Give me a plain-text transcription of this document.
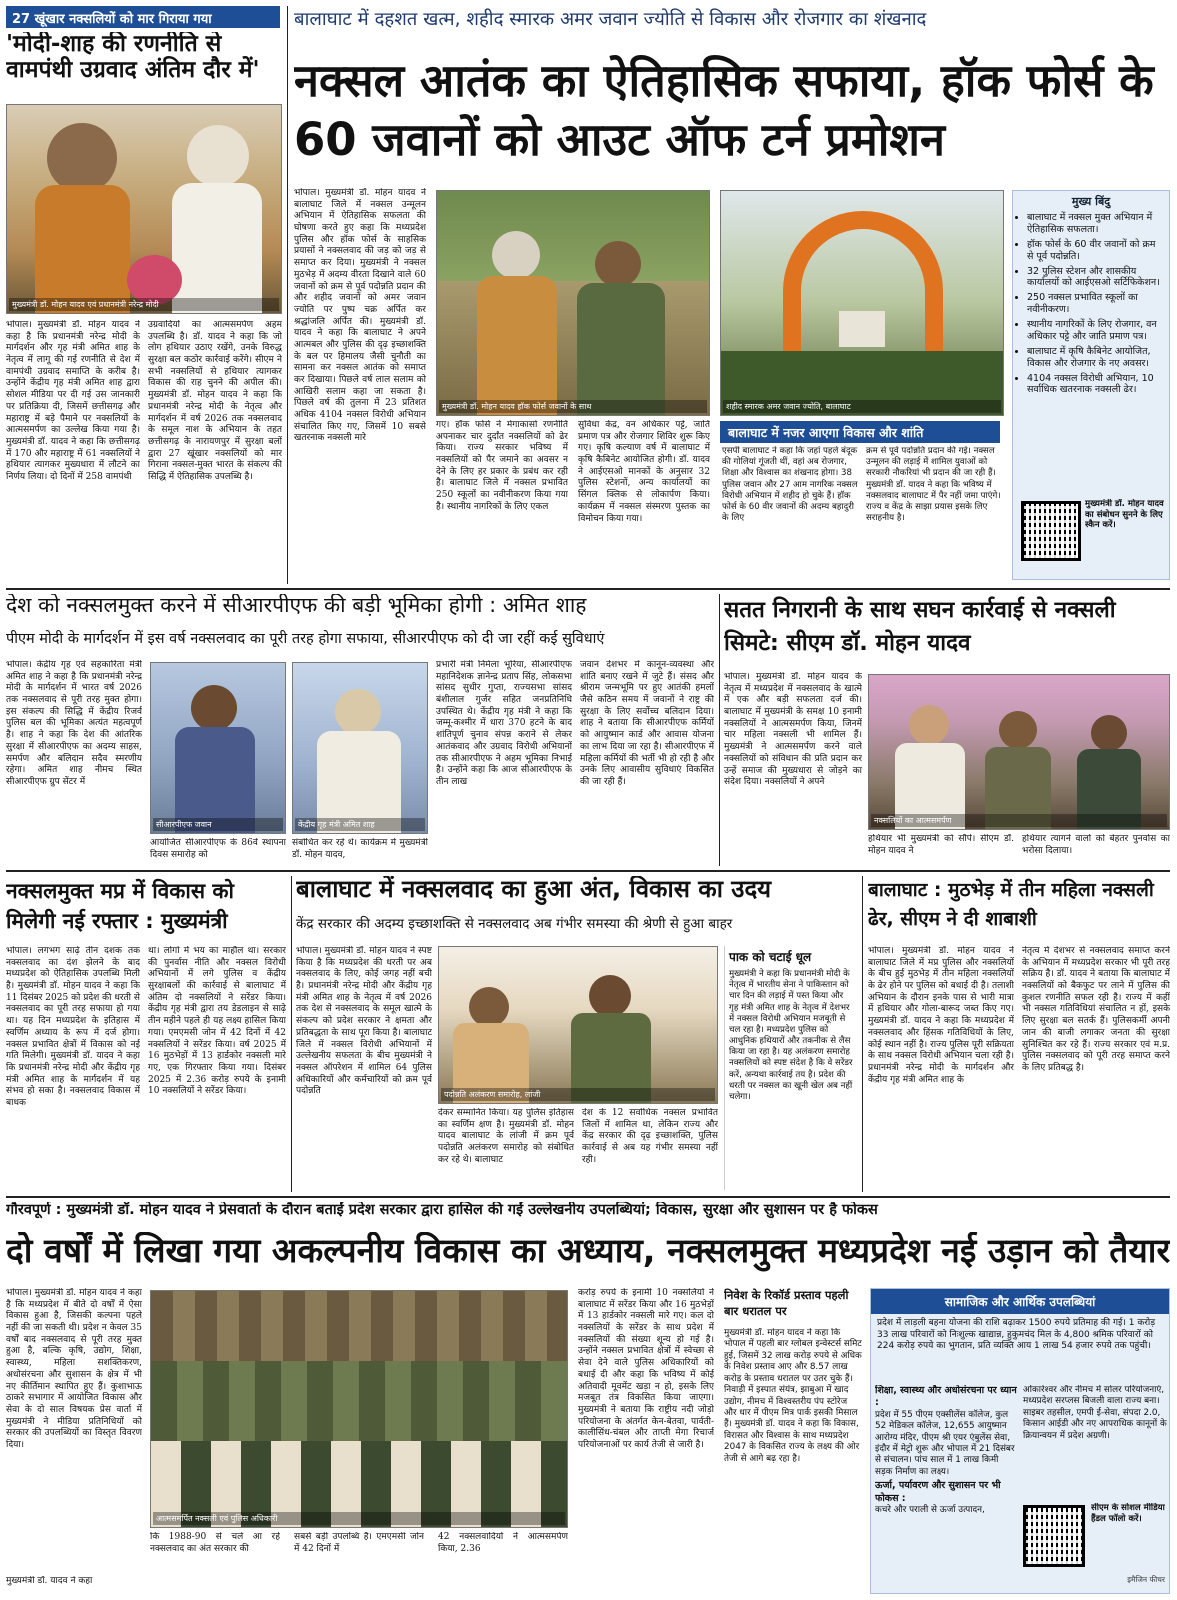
27 खूंखार नक्सलियों को मार गिराया गया
'मोदी-शाह की रणनीति से वामपंथी उग्रवाद अंतिम दौर में'
मुख्यमंत्री डॉ. मोहन यादव एवं प्रधानमंत्री नरेन्द्र मोदी
भोपाल। मुख्यमंत्री डॉ. मोहन यादव ने कहा है कि प्रधानमंत्री नरेन्द्र मोदी के मार्गदर्शन और गृह मंत्री अमित शाह के नेतृत्व में लागू की गई रणनीति से देश में वामपंथी उग्रवाद समाप्ति के करीब है। उन्होंने केंद्रीय गृह मंत्री अमित शाह द्वारा सोशल मीडिया पर दी गई उस जानकारी पर प्रतिक्रिया दी, जिसमें छत्तीसगढ़ और महाराष्ट्र में बड़े पैमाने पर नक्सलियों के आत्मसमर्पण का उल्लेख किया गया है। मुख्यमंत्री डॉ. यादव ने कहा कि छत्तीसगढ़ में 170 और महाराष्ट्र में 61 नक्सलियों ने हथियार त्यागकर मुख्यधारा में लौटने का निर्णय लिया। दो दिनों में 258 वामपंथी
उग्रवादियों का आत्मसमर्पण अहम उपलब्धि है। डॉ. यादव ने कहा कि जो लोग हथियार उठाए रखेंगे, उनके विरुद्ध सुरक्षा बल कठोर कार्रवाई करेंगे। सीएम ने सभी नक्सलियों से हथियार त्यागकर विकास की राह चुनने की अपील की। मुख्यमंत्री डॉ. मोहन यादव ने कहा कि प्रधानमंत्री नरेन्द्र मोदी के नेतृत्व और मार्गदर्शन में वर्ष 2026 तक नक्सलवाद के समूल नाश के अभियान के तहत छत्तीसगढ़ के नारायणपुर में सुरक्षा बलों द्वारा 27 खूंखार नक्सलियों को मार गिराना नक्सल-मुक्त भारत के संकल्प की सिद्धि में ऐतिहासिक उपलब्धि है।
बालाघाट में दहशत खत्म, शहीद स्मारक अमर जवान ज्योति से विकास और रोजगार का शंखनाद
नक्सल आतंक का ऐतिहासिक सफाया, हॉक फोर्स के 60 जवानों को आउट ऑफ टर्न प्रमोशन
भोपाल। मुख्यमंत्री डॉ. मोहन यादव ने बालाघाट जिले में नक्सल उन्मूलन अभियान में ऐतिहासिक सफलता की घोषणा करते हुए कहा कि मध्यप्रदेश पुलिस और हॉक फोर्स के साहसिक प्रयासों ने नक्सलवाद की जड़ को जड़ से समाप्त कर दिया। मुख्यमंत्री ने नक्सल मुठभेड़ में अदम्य वीरता दिखाने वाले 60 जवानों को क्रम से पूर्व पदोन्नति प्रदान की और शहीद जवानों को अमर जवान ज्योति पर पुष्प चक्र अर्पित कर श्रद्धांजलि अर्पित की। मुख्यमंत्री डॉ. यादव ने कहा कि बालाघाट ने अपने आत्मबल और पुलिस की दृढ़ इच्छाशक्ति के बल पर हिमालय जैसी चुनौती का सामना कर नक्सल आतंक को समाप्त कर दिखाया। पिछले वर्ष लाल सलाम को आखिरी सलाम कहा जा सकता है। पिछले वर्ष की तुलना में 23 प्रतिशत अधिक 4104 नक्सल विरोधी अभियान संचालित किए गए, जिसमें 10 सबसे खतरनाक नक्सली मारे
मुख्यमंत्री डॉ. मोहन यादव हॉक फोर्स जवानों के साथ	शहीद स्मारक अमर जवान ज्योति, बालाघाट
गए। हॉक फोर्स ने मेगाकासो रणनीति अपनाकर चार दुर्दांत नक्सलियों को ढेर किया। राज्य सरकार भविष्य में नक्सलियों को पैर जमाने का अवसर न देने के लिए हर प्रकार के प्रबंध कर रही है। बालाघाट जिले में नक्सल प्रभावित 250 स्कूलों का नवीनीकरण किया गया है। स्थानीय नागरिकों के लिए एकल
सुविधा केंद्र, वन अधिकार पट्टे, जाति प्रमाण पत्र और रोजगार शिविर शुरू किए गए। कृषि कल्याण वर्ष में बालाघाट में कृषि कैबिनेट आयोजित होगी। डॉ. यादव ने आईएसओ मानकों के अनुसार 32 पुलिस स्टेशनों, अन्य कार्यालयों का सिंगल क्लिक से लोकार्पण किया। कार्यक्रम में नक्सल संस्मरण पुस्तक का विमोचन किया गया।
बालाघाट में नजर आएगा विकास और शांति
एसपी बालाघाट ने कहा कि जहां पहले बंदूक की गोलियां गूंजती थीं, वहां अब रोजगार, शिक्षा और विश्वास का शंखनाद होगा। 38 पुलिस जवान और 27 आम नागरिक नक्सल विरोधी अभियान में शहीद हो चुके हैं। हॉक फोर्स के 60 वीर जवानों की अदम्य बहादुरी के लिए
क्रम से पूर्व पदोन्नति प्रदान की गई। नक्सल उन्मूलन की लड़ाई में शामिल युवाओं को सरकारी नौकरियां भी प्रदान की जा रही हैं। मुख्यमंत्री डॉ. यादव ने कहा कि भविष्य में नक्सलवाद बालाघाट में पैर नहीं जमा पाएंगे। राज्य व केंद्र के साझा प्रयास इसके लिए सराहनीय है।
मुख्य बिंदु
• बालाघाट में नक्सल मुक्त अभियान में ऐतिहासिक सफलता।
• हॉक फोर्स के 60 वीर जवानों को क्रम से पूर्व पदोन्नति।
• 32 पुलिस स्टेशन और शासकीय कार्यालयों को आईएसओ सर्टिफिकेशन।
• 250 नक्सल प्रभावित स्कूलों का नवीनीकरण।
• स्थानीय नागरिकों के लिए रोजगार, वन अधिकार पट्टे और जाति प्रमाण पत्र।
• बालाघाट में कृषि कैबिनेट आयोजित, विकास और रोजगार के नए अवसर।
• 4104 नक्सल विरोधी अभियान, 10 सर्वाधिक खतरनाक नक्सली ढेर।
मुख्यमंत्री डॉ. मोहन यादव का संबोधन सुनने के लिए स्कैन करें।
देश को नक्सलमुक्त करने में सीआरपीएफ की बड़ी भूमिका होगी : अमित शाह
पीएम मोदी के मार्गदर्शन में इस वर्ष नक्सलवाद का पूरी तरह होगा सफाया, सीआरपीएफ को दी जा रहीं कई सुविधाएं
भोपाल। केंद्रीय गृह एवं सहकारिता मंत्री अमित शाह ने कहा है कि प्रधानमंत्री नरेन्द्र मोदी के मार्गदर्शन में भारत वर्ष 2026 तक नक्सलवाद से पूरी तरह मुक्त होगा। इस संकल्प की सिद्धि में केंद्रीय रिजर्व पुलिस बल की भूमिका अत्यंत महत्वपूर्ण है। शाह ने कहा कि देश की आंतरिक सुरक्षा में सीआरपीएफ का अदम्य साहस, समर्पण और बलिदान सदैव स्मरणीय रहेगा। अमित शाह नीमच स्थित सीआरपीएफ ग्रुप सेंटर में
सीआरपीएफ जवान	केंद्रीय गृह मंत्री अमित शाह
आयोजित सीआरपीएफ के 86वें स्थापना दिवस समारोह को
संबोधित कर रहे थे। कार्यक्रम में मुख्यमंत्री डॉ. मोहन यादव,
प्रभारी मंत्री निर्मला भूरिया, सीआरपीएफ महानिदेशक ज्ञानेन्द्र प्रताप सिंह, लोकसभा सांसद सुधीर गुप्ता, राज्यसभा सांसद बंशीलाल गुर्जर सहित जनप्रतिनिधि उपस्थित थे। केंद्रीय गृह मंत्री ने कहा कि जम्मू-कश्मीर में धारा 370 हटने के बाद शांतिपूर्ण चुनाव संपन्न कराने से लेकर आतंकवाद और उग्रवाद विरोधी अभियानों तक सीआरपीएफ ने अहम भूमिका निभाई है। उन्होंने कहा कि आज सीआरपीएफ के तीन लाख
जवान देशभर में कानून-व्यवस्था और शांति बनाए रखने में जुटे हैं। संसद और श्रीराम जन्मभूमि पर हुए आतंकी हमलों जैसे कठिन समय में जवानों ने राष्ट्र की सुरक्षा के लिए सर्वोच्च बलिदान दिया। शाह ने बताया कि सीआरपीएफ कर्मियों को आयुष्मान कार्ड और आवास योजना का लाभ दिया जा रहा है। सीआरपीएफ में महिला कर्मियों की भर्ती भी हो रही है और उनके लिए आवासीय सुविधाएं विकसित की जा रही हैं।
सतत निगरानी के साथ सघन कार्रवाई से नक्सली सिमटे: सीएम डॉ. मोहन यादव
भोपाल। मुख्यमंत्री डॉ. मोहन यादव के नेतृत्व में मध्यप्रदेश में नक्सलवाद के खात्मे में एक और बड़ी सफलता दर्ज की। बालाघाट में मुख्यमंत्री के समक्ष 10 इनामी नक्सलियों ने आत्मसमर्पण किया, जिनमें चार महिला नक्सली भी शामिल हैं। मुख्यमंत्री ने आत्मसमर्पण करने वाले नक्सलियों को संविधान की प्रति प्रदान कर उन्हें समाज की मुख्यधारा से जोड़ने का संदेश दिया। नक्सलियों ने अपने
नक्सलियों का आत्मसमर्पण
हथियार भी मुख्यमंत्री को सौंपे। सीएम डॉ. मोहन यादव ने
हथियार त्यागने वालों को बेहतर पुनर्वास का भरोसा दिलाया।
नक्सलमुक्त मप्र में विकास को मिलेगी नई रफ्तार : मुख्यमंत्री
भोपाल। लगभग साढ़े तीन दशक तक नक्सलवाद का दंश झेलने के बाद मध्यप्रदेश को ऐतिहासिक उपलब्धि मिली है। मुख्यमंत्री डॉ. मोहन यादव ने कहा कि 11 दिसंबर 2025 को प्रदेश की धरती से नक्सलवाद का पूरी तरह सफाया हो गया था। यह दिन मध्यप्रदेश के इतिहास में स्वर्णिम अध्याय के रूप में दर्ज होगा। नक्सल प्रभावित क्षेत्रों में विकास को नई गति मिलेगी। मुख्यमंत्री डॉ. यादव ने कहा कि प्रधानमंत्री नरेन्द्र मोदी और केंद्रीय गृह मंत्री अमित शाह के मार्गदर्शन में यह संभव हो सका है। नक्सलवाद विकास में बाधक
था। लोगों में भय का माहौल था। सरकार की पुनर्वास नीति और नक्सल विरोधी अभियानों में लगे पुलिस व केंद्रीय सुरक्षाबलों की कार्रवाई से बालाघाट में अंतिम दो नक्सलियों ने सरेंडर किया। केंद्रीय गृह मंत्री द्वारा तय डेडलाइन से साढ़े तीन महीने पहले ही यह लक्ष्य हासिल किया गया। एमएमसी जोन में 42 दिनों में 42 नक्सलियों ने सरेंडर किया। वर्ष 2025 में 16 मुठभेड़ों में 13 हार्डकोर नक्सली मारे गए, एक गिरफ्तार किया गया। दिसंबर 2025 में 2.36 करोड़ रुपये के इनामी 10 नक्सलियों ने सरेंडर किया।
बालाघाट में नक्सलवाद का हुआ अंत, विकास का उदय
केंद्र सरकार की अदम्य इच्छाशक्ति से नक्सलवाद अब गंभीर समस्या की श्रेणी से हुआ बाहर
भोपाल। मुख्यमंत्री डॉ. मोहन यादव ने स्पष्ट किया है कि मध्यप्रदेश की धरती पर अब नक्सलवाद के लिए, कोई जगह नहीं बची है। प्रधानमंत्री नरेन्द्र मोदी और केंद्रीय गृह मंत्री अमित शाह के नेतृत्व में वर्ष 2026 तक देश से नक्सलवाद के समूल खात्मे के संकल्प को प्रदेश सरकार ने क्षमता और प्रतिबद्धता के साथ पूरा किया है। बालाघाट जिले में नक्सल विरोधी अभियानों में उल्लेखनीय सफलता के बीच मुख्यमंत्री ने नक्सल ऑपरेशन में शामिल 64 पुलिस अधिकारियों और कर्मचारियों को क्रम पूर्व पदोन्नति	पदोन्नति अलंकरण समारोह, लांजी
देकर सम्मानित किया। यह पुलिस इतिहास का स्वर्णिम क्षण है। मुख्यमंत्री डॉ. मोहन यादव बालाघाट के लांजी में क्रम पूर्व पदोन्नति अलंकरण समारोह को संबोधित कर रहे थे। बालाघाट
देश के 12 सर्वाधिक नक्सल प्रभावित जिलों में शामिल था, लेकिन राज्य और केंद्र सरकार की दृढ़ इच्छाशक्ति, पुलिस कार्रवाई से अब यह गंभीर समस्या नहीं रही।
पाक को चटाई धूल
मुख्यमंत्री ने कहा कि प्रधानमंत्री मोदी के नेतृत्व में भारतीय सेना ने पाकिस्तान को चार दिन की लड़ाई में पस्त किया और गृह मंत्री अमित शाह के नेतृत्व में देशभर में नक्सल विरोधी अभियान मजबूती से चल रहा है। मध्यप्रदेश पुलिस को आधुनिक हथियारों और तकनीक से लैस किया जा रहा है। यह अलंकरण समारोह नक्सलियों को स्पष्ट संदेश है कि वे सरेंडर करें, अन्यथा कार्रवाई तय है। प्रदेश की धरती पर नक्सल का खूनी खेल अब नहीं चलेगा।
बालाघाट : मुठभेड़ में तीन महिला नक्सली ढेर, सीएम ने दी शाबाशी
भोपाल। मुख्यमंत्री डॉ. मोहन यादव ने बालाघाट जिले में मप्र पुलिस और नक्सलियों के बीच हुई मुठभेड़ में तीन महिला नक्सलियों के ढेर होने पर पुलिस को बधाई दी है। तलाशी अभियान के दौरान इनके पास से भारी मात्रा में हथियार और गोला-बारूद जब्त किए गए। मुख्यमंत्री डॉ. यादव ने कहा कि मध्यप्रदेश में नक्सलवाद और हिंसक गतिविधियों के लिए, कोई स्थान नहीं है। राज्य पुलिस पूरी सक्रियता के साथ नक्सल विरोधी अभियान चला रही है। प्रधानमंत्री नरेन्द्र मोदी के मार्गदर्शन और केंद्रीय गृह मंत्री अमित शाह के
नेतृत्व में देशभर से नक्सलवाद समाप्त करने के अभियान में मध्यप्रदेश सरकार भी पूरी तरह सक्रिय है। डॉ. यादव ने बताया कि बालाघाट में नक्सलियों को बैकफुट पर लाने में पुलिस की कुशल रणनीति सफल रही है। राज्य में कहीं भी नक्सल गतिविधियां संचालित न हों, इसके लिए सुरक्षा बल सतर्क हैं। पुलिसकर्मी अपनी जान की बाजी लगाकर जनता की सुरक्षा सुनिश्चित कर रहे हैं। राज्य सरकार एवं म.प्र. पुलिस नक्सलवाद को पूरी तरह समाप्त करने के लिए प्रतिबद्ध है।
गौरवपूर्ण : मुख्यमंत्री डॉ. मोहन यादव ने प्रेसवार्ता के दौरान बताईं प्रदेश सरकार द्वारा हासिल की गईं उल्लेखनीय उपलब्धियां; विकास, सुरक्षा और सुशासन पर है फोकस
दो वर्षों में लिखा गया अकल्पनीय विकास का अध्याय, नक्सलमुक्त मध्यप्रदेश नई उड़ान को तैयार
भोपाल। मुख्यमंत्री डॉ. मोहन यादव ने कहा है कि मध्यप्रदेश में बीते दो वर्षों में ऐसा विकास हुआ है, जिसकी कल्पना पहले नहीं की जा सकती थी। प्रदेश न केवल 35 वर्षों बाद नक्सलवाद से पूरी तरह मुक्त हुआ है, बल्कि कृषि, उद्योग, शिक्षा, स्वास्थ्य, महिला सशक्तिकरण, अधोसंरचना और सुशासन के क्षेत्र में भी नए कीर्तिमान स्थापित हुए हैं। कुशाभाऊ ठाकरे सभागार में आयोजित विकास और सेवा के दो साल विषयक प्रेस वार्ता में मुख्यमंत्री ने मीडिया प्रतिनिधियों को सरकार की उपलब्धियों का विस्तृत विवरण दिया।
मुख्यमंत्री डॉ. यादव ने कहा
आत्मसमर्पित नक्सली एवं पुलिस अधिकारी
कि 1988-90 से चले आ रहे नक्सलवाद का अंत सरकार की
सबसे बड़ी उपलब्धि है। एमएमसी जोन में 42 दिनों में
42 नक्सलवादियों ने आत्मसमर्पण किया, 2.36
करोड़ रुपये के इनामी 10 नक्सलियों ने बालाघाट में सरेंडर किया और 16 मुठभेड़ों में 13 हार्डकोर नक्सली मारे गए। कल दो नक्सलियों के सरेंडर के साथ प्रदेश में नक्सलियों की संख्या शून्य हो गई है। उन्होंने नक्सल प्रभावित क्षेत्रों में स्वेच्छा से सेवा देने वाले पुलिस अधिकारियों को बधाई दी और कहा कि भविष्य में कोई अतिवादी मूवमेंट खड़ा न हो, इसके लिए मजबूत तंत्र विकसित किया जाएगा। मुख्यमंत्री ने बताया कि राष्ट्रीय नदी जोड़ो परियोजना के अंतर्गत केन-बेतवा, पार्वती-कालीसिंध-चंबल और ताप्ती मेगा रिचार्ज परियोजनाओं पर कार्य तेजी से जारी है।
निवेश के रिकॉर्ड प्रस्ताव पहली बार धरातल पर
मुख्यमंत्री डॉ. मोहन यादव ने कहा कि भोपाल में पहली बार ग्लोबल इन्वेस्टर्स समिट हुई, जिसमें 32 लाख करोड़ रुपये से अधिक के निवेश प्रस्ताव आए और 8.57 लाख करोड़ के प्रस्ताव धरातल पर उतर चुके हैं। निवाड़ी में इस्पात संयंत्र, झाबुआ में खाद उद्योग, नीमच में विश्वस्तरीय पंप स्टोरेज और धार में पीएम मित्र पार्क इसकी मिसाल हैं। मुख्यमंत्री डॉ. यादव ने कहा कि विकास, विरासत और विश्वास के साथ मध्यप्रदेश 2047 के विकसित राज्य के लक्ष्य की ओर तेजी से आगे बढ़ रहा है।
सामाजिक और आर्थिक उपलब्धियां
प्रदेश में लाड़ली बहना योजना की राशि बढ़ाकर 1500 रुपये प्रतिमाह की गई। 1 करोड़ 33 लाख परिवारों को निःशुल्क खाद्यान्न, हुकुमचंद मिल के 4,800 श्रमिक परिवारों को 224 करोड़ रुपये का भुगतान, प्रति व्यक्ति आय 1 लाख 54 हजार रुपये तक पहुंची।
शिक्षा, स्वास्थ्य और अधोसंरचना पर ध्यान :
प्रदेश में 55 पीएम एक्सीलेंस कॉलेज, कुल 52 मेडिकल कॉलेज, 12,655 आयुष्मान आरोग्य मंदिर, पीएम श्री एयर एंबुलेंस सेवा, इंदौर में मेट्रो शुरू और भोपाल में 21 दिसंबर से संचालन। पांच साल में 1 लाख किमी सड़क निर्माण का लक्ष्य।
ऊर्जा, पर्यावरण और सुशासन पर भी फोकस :
कचरे और पराली से ऊर्जा उत्पादन,
ओंकारेश्वर और नीमच में सोलर परियोजनाएं, मध्यप्रदेश सरप्लस बिजली वाला राज्य बना। साइबर तहसील, एमपी ई-सेवा, संपदा 2.0, किसान आईडी और नए आपराधिक कानूनों के क्रियान्वयन में प्रदेश अग्रणी।
सीएम के सोशल मीडिया हैंडल फॉलो करें।
इमैजिन फीचर
